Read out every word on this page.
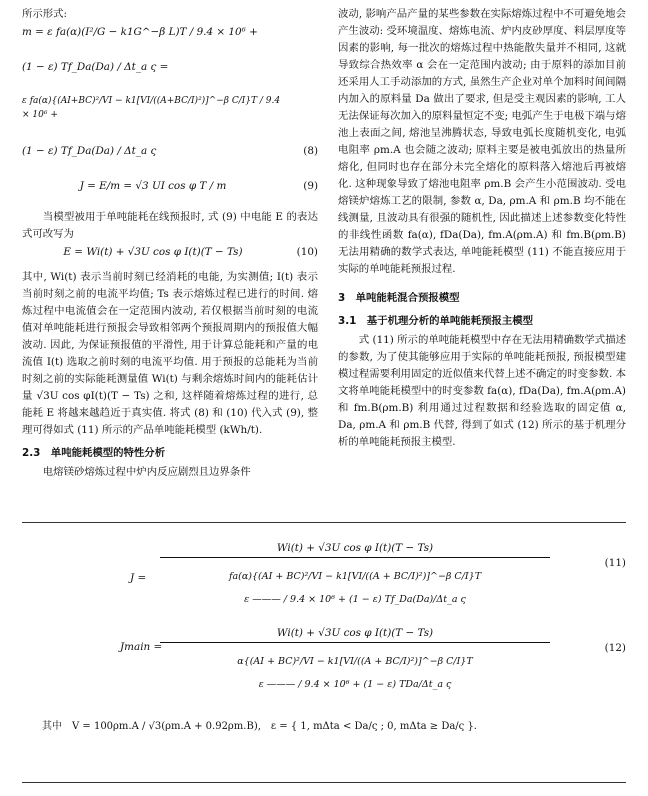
所示形式:

m = ε fa(α)(I²/G − k1G^−β L)T / 9.4 × 10⁶ +
(1 − ε) Tf_Da(Da) / Δt_a ς =
ε fa(α){(AI+BC)²/VI − k1[VI/((A+BC/I)²)]^−β C/I}T / 9.4 × 10⁶ +
(1 − ε) Tf_Da(Da) / Δt_a ς	(8)
J = E/m = √3 UI cos φ T / m	(9)

当模型被用于单吨能耗在线预报时, 式 (9) 中电能 E 的表达式可改写为

E = Wi(t) + √3U cos φ I(t)(T − Ts)	(10)

其中, Wi(t) 表示当前时刻已经消耗的电能, 为实测值; I(t) 表示当前时刻之前的电流平均值; Ts 表示熔炼过程已进行的时间. 熔炼过程中电流值会在一定范围内波动, 若仅根据当前时刻的电流值对单吨能耗进行预报会导致相邻两个预报周期内的预报值大幅波动. 因此, 为保证预报值的平滑性, 用于计算总能耗和产量的电流值 I(t) 选取之前时刻的电流平均值. 用于预报的总能耗为当前时刻之前的实际能耗测量值 Wi(t) 与剩余熔炼时间内的能耗估计量 √3U cos φI(t)(T − Ts) 之和, 这样随着熔炼过程的进行, 总能耗 E 将越来越趋近于真实值. 将式 (8) 和 (10) 代入式 (9), 整理可得如式 (11) 所示的产品单吨能耗模型 (kWh/t).

2.3　单吨能耗模型的特性分析

电熔镁砂熔炼过程中炉内反应剧烈且边界条件

波动, 影响产品产量的某些参数在实际熔炼过程中不可避免地会产生波动: 受环境温度、熔炼电流、炉内皮砂厚度、料层厚度等因素的影响, 每一批次的熔炼过程中热能散失量并不相同, 这就导致综合热效率 α 会在一定范围内波动; 由于原料的添加目前还采用人工手动添加的方式, 虽然生产企业对单个加料时间间隔内加入的原料量 Da 做出了要求, 但是受主观因素的影响, 工人无法保证每次加入的原料量恒定不变; 电弧产生于电极下端与熔池上表面之间, 熔池呈沸腾状态, 导致电弧长度随机变化, 电弧电阻率 ρm.A 也会随之波动; 原料主要是被电弧放出的热量所熔化, 但同时也存在部分未完全熔化的原料落入熔池后再被熔化. 这种现象导致了熔池电阻率 ρm.B 会产生小范围波动. 受电熔镁炉熔炼工艺的限制, 参数 α, Da, ρm.A 和 ρm.B 均不能在线测量, 且波动具有很强的随机性, 因此描述上述参数变化特性的非线性函数 fa(α), fDa(Da), fm.A(ρm.A) 和 fm.B(ρm.B) 无法用精确的数学式表达, 单吨能耗模型 (11) 不能直接应用于实际的单吨能耗预报过程.

3　单吨能耗混合预报模型
3.1　基于机理分析的单吨能耗预报主模型

式 (11) 所示的单吨能耗模型中存在无法用精确数学式描述的参数, 为了使其能够应用于实际的单吨能耗预报, 预报模型建模过程需要利用固定的近似值来代替上述不确定的时变参数. 本文将单吨能耗模型中的时变参数 fa(α), fDa(Da), fm.A(ρm.A) 和 fm.B(ρm.B) 利用通过过程数据和经验选取的固定值 α, Da, ρm.A 和 ρm.B 代替, 得到了如式 (12) 所示的基于机理分析的单吨能耗预报主模型.

J =
Wi(t) + √3U cos φ I(t)(T − Ts)
fa(α){(AI + BC)²/VI − k1[VI/((A + BC/I)²)]^−β C/I}T
ε ——— / 9.4 × 10⁶ + (1 − ε) Tf_Da(Da)/Δt_a ς
(11)
Jmain =
Wi(t) + √3U cos φ I(t)(T − Ts)
α{(AI + BC)²/VI − k1[VI/((A + BC/I)²)]^−β C/I}T
ε ——— / 9.4 × 10⁶ + (1 − ε) TDa/Δt_a ς
(12)
其中　V = 100ρm.A / √3(ρm.A + 0.92ρm.B),　ε = { 1, mΔta < Da/ς ; 0, mΔta ≥ Da/ς }.
